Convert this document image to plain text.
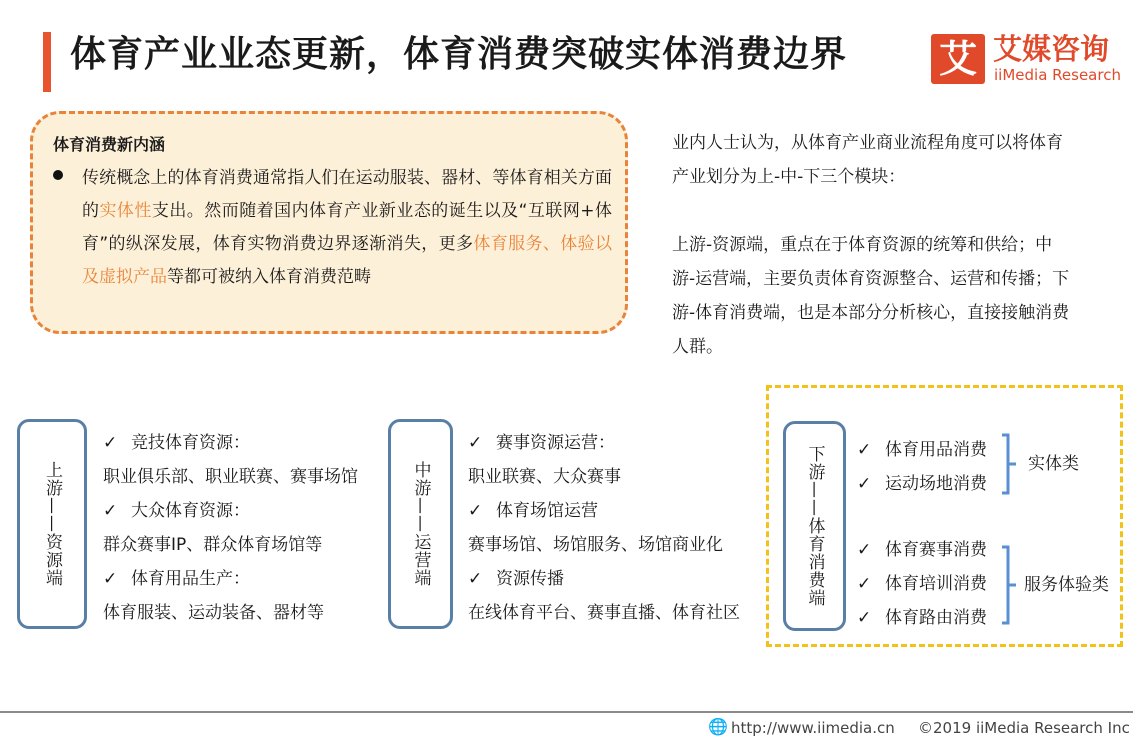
体育产业业态更新，体育消费突破实体消费边界 艾 艾媒咨询
iiMedia Research
体育消费新内涵
传统概念上的体育消费通常指人们在运动服装、器材、等体育相关方面的实体性支出。然而随着国内体育产业新业态的诞生以及“互联网+体育”的纵深发展，体育实物消费边界逐渐消失，更多体育服务、体验以及虚拟产品等都可被纳入体育消费范畴
业内人士认为，从体育产业商业流程角度可以将体育产业划分为上-中-下三个模块：
上游-资源端，重点在于体育资源的统筹和供给；中游-运营端，主要负责体育资源整合、运营和传播；下游-体育消费端，也是本部分分析核心，直接接触消费人群。
上游——资源端
✓ 竞技体育资源：
职业俱乐部、职业联赛、赛事场馆
✓ 大众体育资源：
群众赛事IP、群众体育场馆等
✓ 体育用品生产：
体育服装、运动装备、器材等
中游——运营端
✓ 赛事资源运营：
职业联赛、大众赛事
✓ 体育场馆运营
赛事场馆、场馆服务、场馆商业化
✓ 资源传播
在线体育平台、赛事直播、体育社区
下游——体育消费端 ✓ 体育用品消费
✓ 运动场地消费
实体类
✓ 体育赛事消费
✓ 体育培训消费
✓ 体育路由消费
服务体验类
🌐 http://www.iimedia.cn ©2019 iiMedia Research Inc
